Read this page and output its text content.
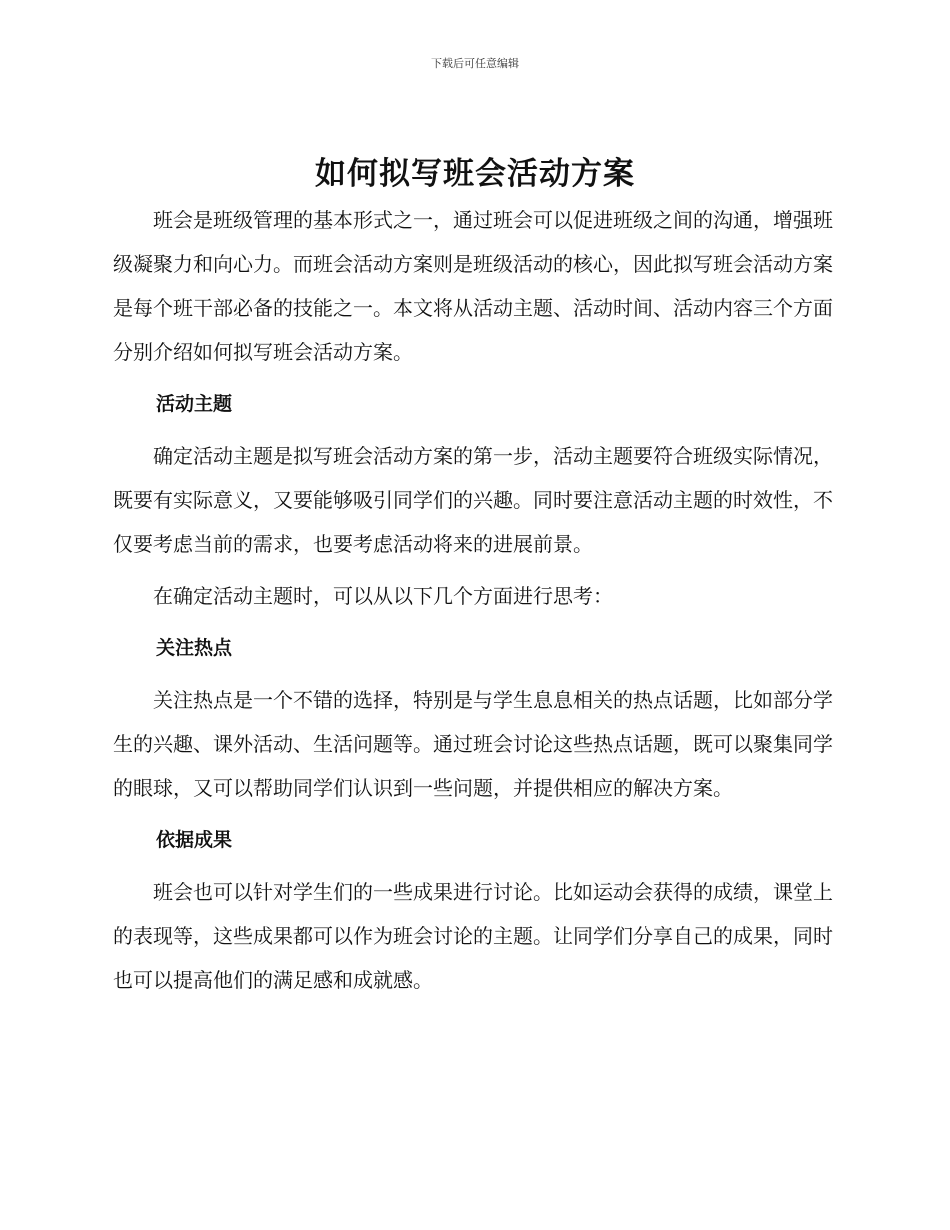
下载后可任意编辑
如何拟写班会活动方案

班会是班级管理的基本形式之一，通过班会可以促进班级之间的沟通，增强班级凝聚力和向心力。而班会活动方案则是班级活动的核心，因此拟写班会活动方案是每个班干部必备的技能之一。本文将从活动主题、活动时间、活动内容三个方面分别介绍如何拟写班会活动方案。

活动主题

确定活动主题是拟写班会活动方案的第一步，活动主题要符合班级实际情况，既要有实际意义，又要能够吸引同学们的兴趣。同时要注意活动主题的时效性，不仅要考虑当前的需求，也要考虑活动将来的进展前景。

在确定活动主题时，可以从以下几个方面进行思考：

关注热点

关注热点是一个不错的选择，特别是与学生息息相关的热点话题，比如部分学生的兴趣、课外活动、生活问题等。通过班会讨论这些热点话题，既可以聚集同学的眼球，又可以帮助同学们认识到一些问题，并提供相应的解决方案。

依据成果

班会也可以针对学生们的一些成果进行讨论。比如运动会获得的成绩，课堂上的表现等，这些成果都可以作为班会讨论的主题。让同学们分享自己的成果，同时也可以提高他们的满足感和成就感。
